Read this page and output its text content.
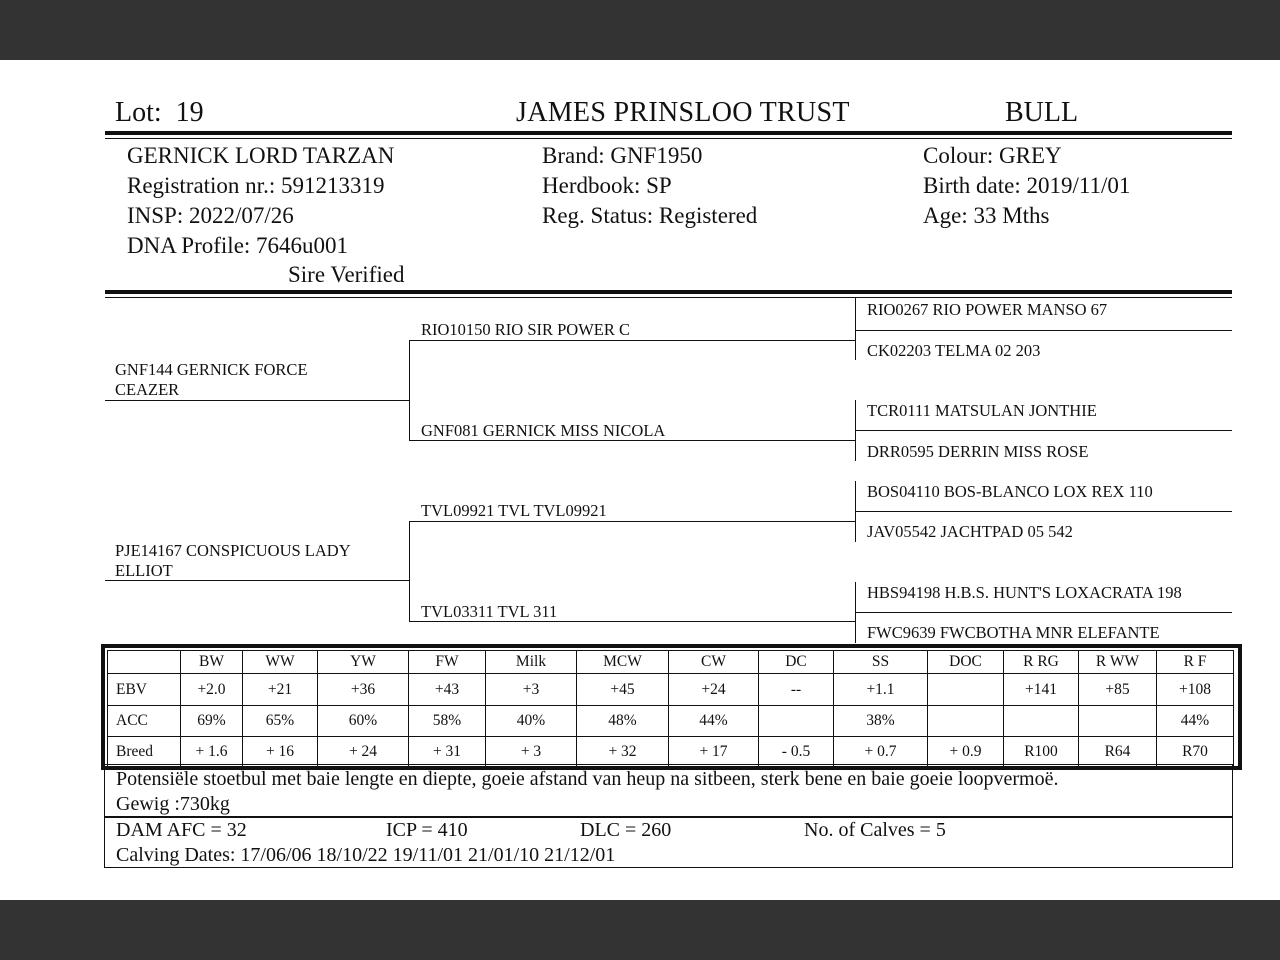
Lot: 19	JAMES PRINSLOO TRUST	BULL
GERNICK LORD TARZAN
Registration nr.: 591213319
INSP: 2022/07/26
DNA Profile: 7646u001
Sire Verified
Brand: GNF1950
Herdbook: SP
Reg. Status: Registered
Colour: GREY
Birth date: 2019/11/01
Age: 33 Mths
GNF144 GERNICK FORCE
CEAZER
PJE14167 CONSPICUOUS LADY
ELLIOT
RIO10150 RIO SIR POWER C
GNF081 GERNICK MISS NICOLA
TVL09921 TVL TVL09921
TVL03311 TVL 311
RIO0267 RIO POWER MANSO 67
CK02203 TELMA 02 203
TCR0111 MATSULAN JONTHIE
DRR0595 DERRIN MISS ROSE
BOS04110 BOS-BLANCO LOX REX 110
JAV05542 JACHTPAD 05 542
HBS94198 H.B.S. HUNT'S LOXACRATA 198
FWC9639 FWCBOTHA MNR ELEFANTE
	BW	WW	YW	FW	Milk	MCW	CW	DC	SS	DOC	R RG	R WW	R F
EBV	+2.0	+21	+36	+43	+3	+45	+24	--	+1.1		+141	+85	+108
ACC	69%	65%	60%	58%	40%	48%	44%		38%				44%
Breed	+ 1.6	+ 16	+ 24	+ 31	+ 3	+ 32	+ 17	- 0.5	+ 0.7	+ 0.9	R100	R64	R70
Potensiële stoetbul met baie lengte en diepte, goeie afstand van heup na sitbeen, sterk bene en baie goeie loopvermoë.
Gewig :730kg
DAM AFC = 32	ICP = 410	DLC = 260	No. of Calves = 5
Calving Dates: 17/06/06 18/10/22 19/11/01 21/01/10 21/12/01
